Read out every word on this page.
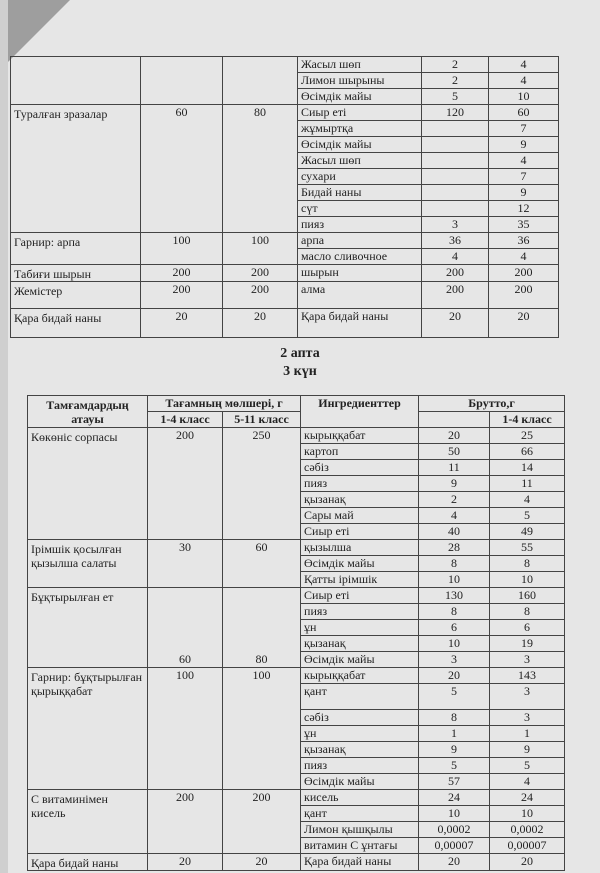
			Жасыл шөп	2	4
			Лимон шырыны	2	4
			Өсімдік майы	5	10
Туралған зразалар	60	80	Сиыр еті	120	60
			жұмыртқа		7
			Өсімдік майы		9
			Жасыл шөп		4
			сухари		7
			Бидай наны		9
			сүт		12
			пияз	3	35
Гарнир: арпа	100	100	арпа	36	36
			масло сливочное	4	4
Табиғи шырын	200	200	шырын	200	200
Жемістер	200	200	алма	200	200
Қара бидай наны	20	20	Қара бидай наны	20	20
2 апта
3 күн
Тамғамдардың атауы	Тағамның мөлшері, г		Ингредиенттер	Брутто,г	
	1-4 класс	5-11 класс			1-4 класс
Көкөніс сорпасы	200	250	кырыққабат	20	25
			картоп	50	66
			сәбіз	11	14
			пияз	9	11
			қызанақ	2	4
			Сары май	4	5
			Сиыр еті	40	49
Ірімшік қосылған қызылша салаты	30	60	қызылша	28	55
			Өсімдік майы	8	8
			Қатты ірімшік	10	10
Бұқтырылған ет	60	80	Сиыр еті	130	160
			пияз	8	8
			ұн	6	6
			қызанақ	10	19
			Өсімдік майы	3	3
Гарнир: бұқтырылған қырыққабат	100	100	кырыққабат	20	143
			қант	5	3
			сәбіз	8	3
			ұн	1	1
			қызанақ	9	9
			пияз	5	5
			Өсімдік майы	57	4
С витаминімен кисель	200	200	кисель	24	24
			қант	10	10
			Лимон қышқылы	0,0002	0,0002
			витамин С ұнтағы	0,00007	0,00007
Қара бидай наны	20	20	Қара бидай наны	20	20
